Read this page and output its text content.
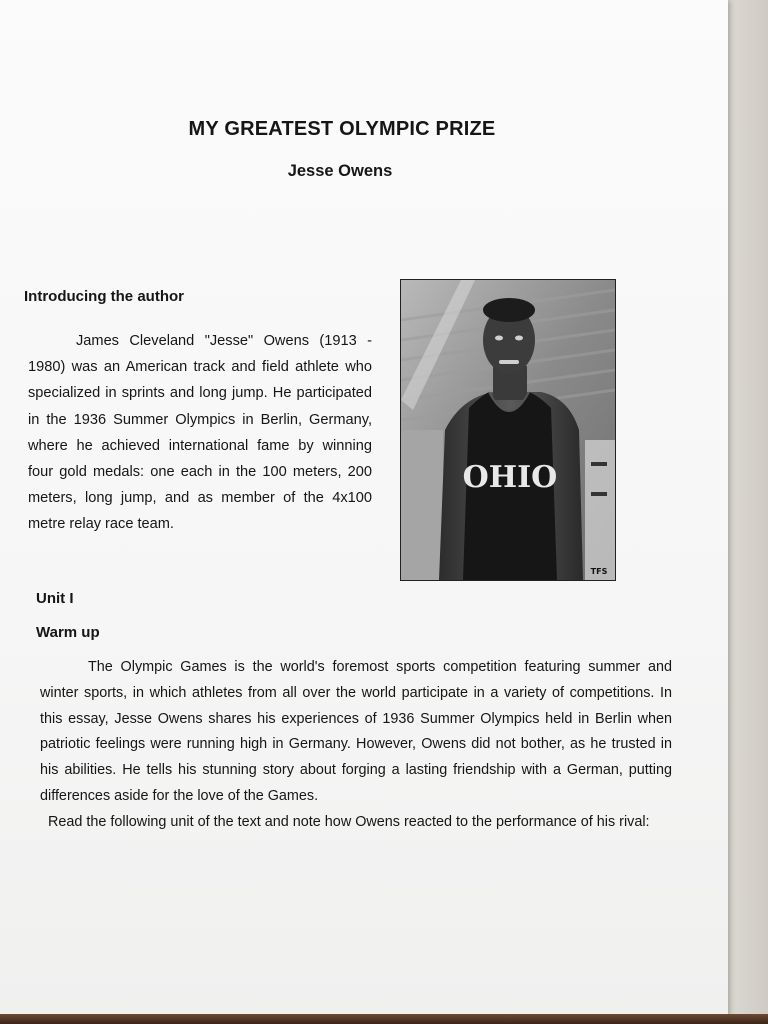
MY GREATEST OLYMPIC PRIZE
Jesse Owens
Introducing the author

James Cleveland "Jesse" Owens (1913 - 1980) was an American track and field athlete who specialized in sprints and long jump. He participated in the 1936 Summer Olympics in Berlin, Germany, where he achieved international fame by winning four gold medals: one each in the 100 meters, 200 meters, long jump, and as member of the 4x100 metre relay race team.

OHIO
TFS
Unit I
Warm up

The Olympic Games is the world's foremost sports competition featuring summer and winter sports, in which athletes from all over the world participate in a variety of competitions. In this essay, Jesse Owens shares his experiences of 1936 Summer Olympics held in Berlin when patriotic feelings were running high in Germany. However, Owens did not bother, as he trusted in his abilities. He tells his stunning story about forging a lasting friendship with a German, putting differences aside for the love of the Games.

Read the following unit of the text and note how Owens reacted to the performance of his rival:
